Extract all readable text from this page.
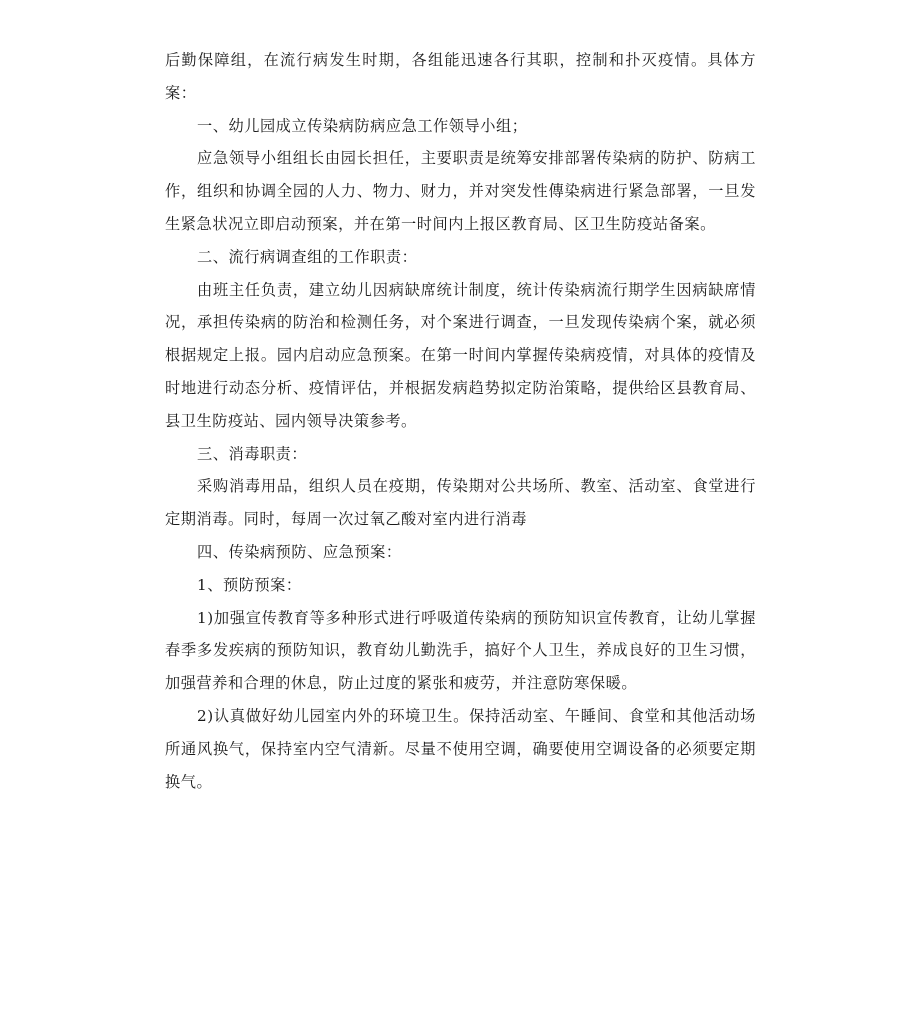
后勤保障组，在流行病发生时期，各组能迅速各行其职，控制和扑灭疫情。具体方案：

一、幼儿园成立传染病防病应急工作领导小组；

应急领导小组组长由园长担任，主要职责是统筹安排部署传染病的防护、防病工作，组织和协调全园的人力、物力、财力，并对突发性傳染病进行紧急部署，一旦发生紧急状况立即启动预案，并在第一时间内上报区教育局、区卫生防疫站备案。

二、流行病调查组的工作职责：

由班主任负责，建立幼儿因病缺席统计制度，统计传染病流行期学生因病缺席情况，承担传染病的防治和检测任务，对个案进行调查，一旦发现传染病个案，就必须根据规定上报。园内启动应急预案。在第一时间内掌握传染病疫情，对具体的疫情及时地进行动态分析、疫情评估，并根据发病趋势拟定防治策略，提供给区县教育局、县卫生防疫站、园内领导决策参考。

三、消毒职责：

采购消毒用品，组织人员在疫期，传染期对公共场所、教室、活动室、食堂进行定期消毒。同时，每周一次过氧乙酸对室内进行消毒

四、传染病预防、应急预案：

1、预防预案：

1)加强宣传教育等多种形式进行呼吸道传染病的预防知识宣传教育，让幼儿掌握春季多发疾病的预防知识，教育幼儿勤洗手，搞好个人卫生，养成良好的卫生习惯，加强营养和合理的休息，防止过度的紧张和疲劳，并注意防寒保暖。

2)认真做好幼儿园室内外的环境卫生。保持活动室、午睡间、食堂和其他活动场所通风换气，保持室内空气清新。尽量不使用空调，确要使用空调设备的必须要定期换气。
